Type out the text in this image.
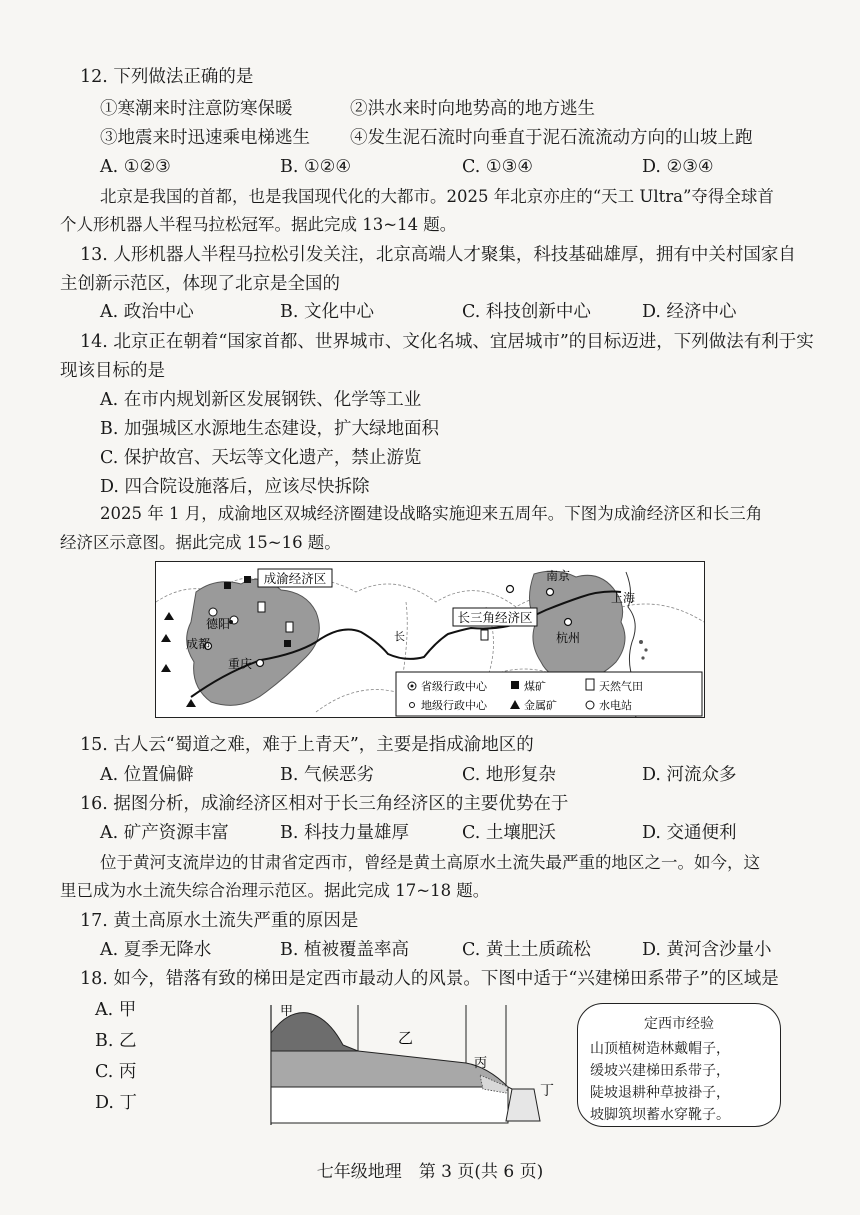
12. 下列做法正确的是
①寒潮来时注意防寒保暖	②洪水来时向地势高的地方逃生
③地震来时迅速乘电梯逃生 ④发生泥石流时向垂直于泥石流流动方向的山坡上跑
A. ①②③	B. ①②④	C. ①③④	D. ②③④
北京是我国的首都，也是我国现代化的大都市。2025 年北京亦庄的“天工 Ultra”夺得全球首
个人形机器人半程马拉松冠军。据此完成 13~14 题。
13. 人形机器人半程马拉松引发关注，北京高端人才聚集，科技基础雄厚，拥有中关村国家自
主创新示范区，体现了北京是全国的
A. 政治中心	B. 文化中心	C. 科技创新中心	D. 经济中心
14. 北京正在朝着“国家首都、世界城市、文化名城、宜居城市”的目标迈进，下列做法有利于实
现该目标的是
A. 在市内规划新区发展钢铁、化学等工业
B. 加强城区水源地生态建设，扩大绿地面积
C. 保护故宫、天坛等文化遗产，禁止游览
D. 四合院设施落后，应该尽快拆除
2025 年 1 月，成渝地区双城经济圈建设战略实施迎来五周年。下图为成渝经济区和长三角
经济区示意图。据此完成 15~16 题。
成渝经济区
长三角经济区
德阳
成都
重庆
南京
上海
杭州
长
省级行政中心	煤矿	天然气田
地级行政中心	金属矿	水电站
15. 古人云“蜀道之难，难于上青天”，主要是指成渝地区的
A. 位置偏僻	B. 气候恶劣	C. 地形复杂	D. 河流众多
16. 据图分析，成渝经济区相对于长三角经济区的主要优势在于
A. 矿产资源丰富	B. 科技力量雄厚	C. 土壤肥沃	D. 交通便利
位于黄河支流岸边的甘肃省定西市，曾经是黄土高原水土流失最严重的地区之一。如今，这
里已成为水土流失综合治理示范区。据此完成 17~18 题。
17. 黄土高原水土流失严重的原因是
A. 夏季无降水	B. 植被覆盖率高	C. 黄土土质疏松	D. 黄河含沙量小
18. 如今，错落有致的梯田是定西市最动人的风景。下图中适于“兴建梯田系带子”的区域是
A. 甲
B. 乙
C. 丙
D. 丁
甲
乙
丙
丁
定西市经验
山顶植树造林戴帽子，
缓坡兴建梯田系带子，
陡坡退耕种草披褂子，
坡脚筑坝蓄水穿靴子。
七年级地理　第 3 页(共 6 页)
